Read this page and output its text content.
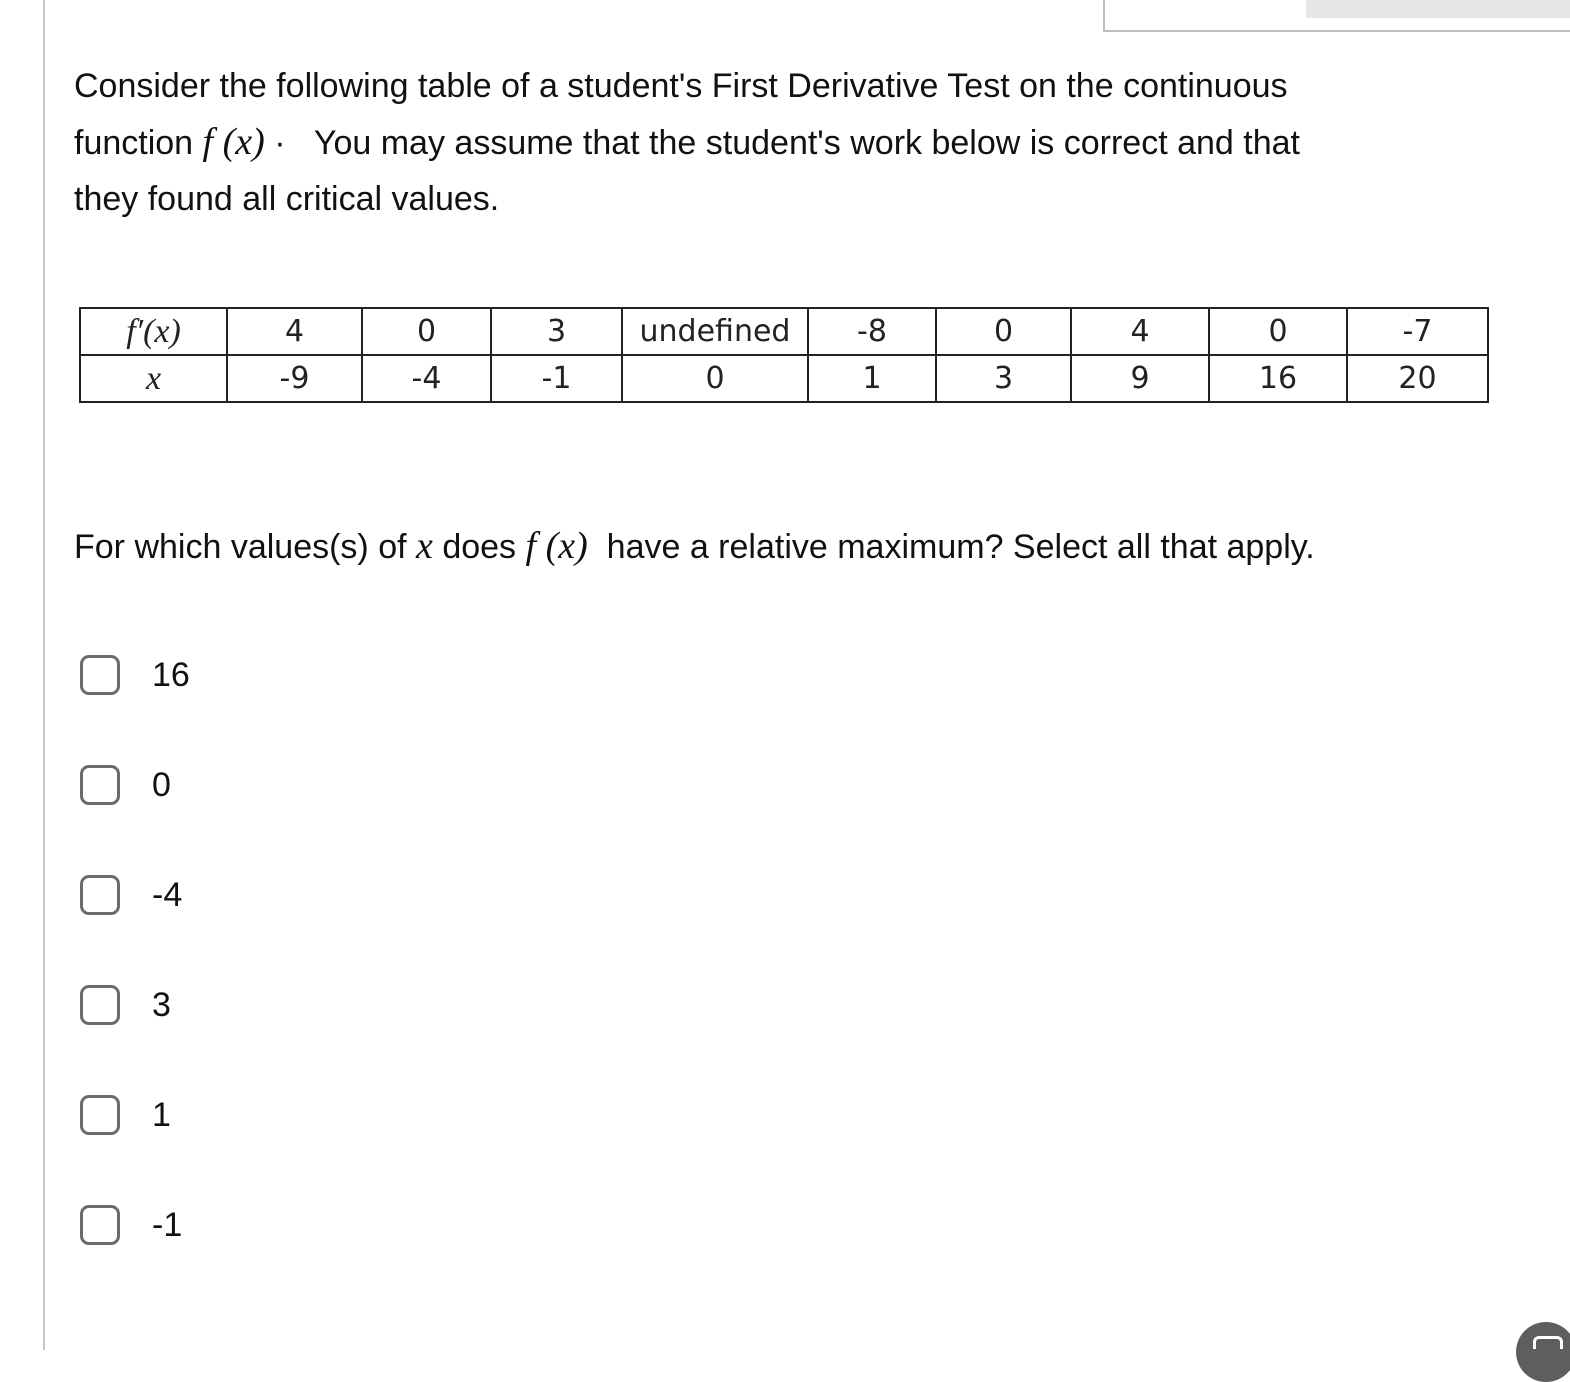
Consider the following table of a student's First Derivative Test on the continuous
function f (x) · You may assume that the student's work below is correct and that
they found all critical values.
f′(x)	4	0	3	undefined	-8	0	4	0	-7
x	-9	-4	-1	0	1	3	9	16	20
For which values(s) of x does f (x) have a relative maximum? Select all that apply.
16
0
-4
3
1
-1
